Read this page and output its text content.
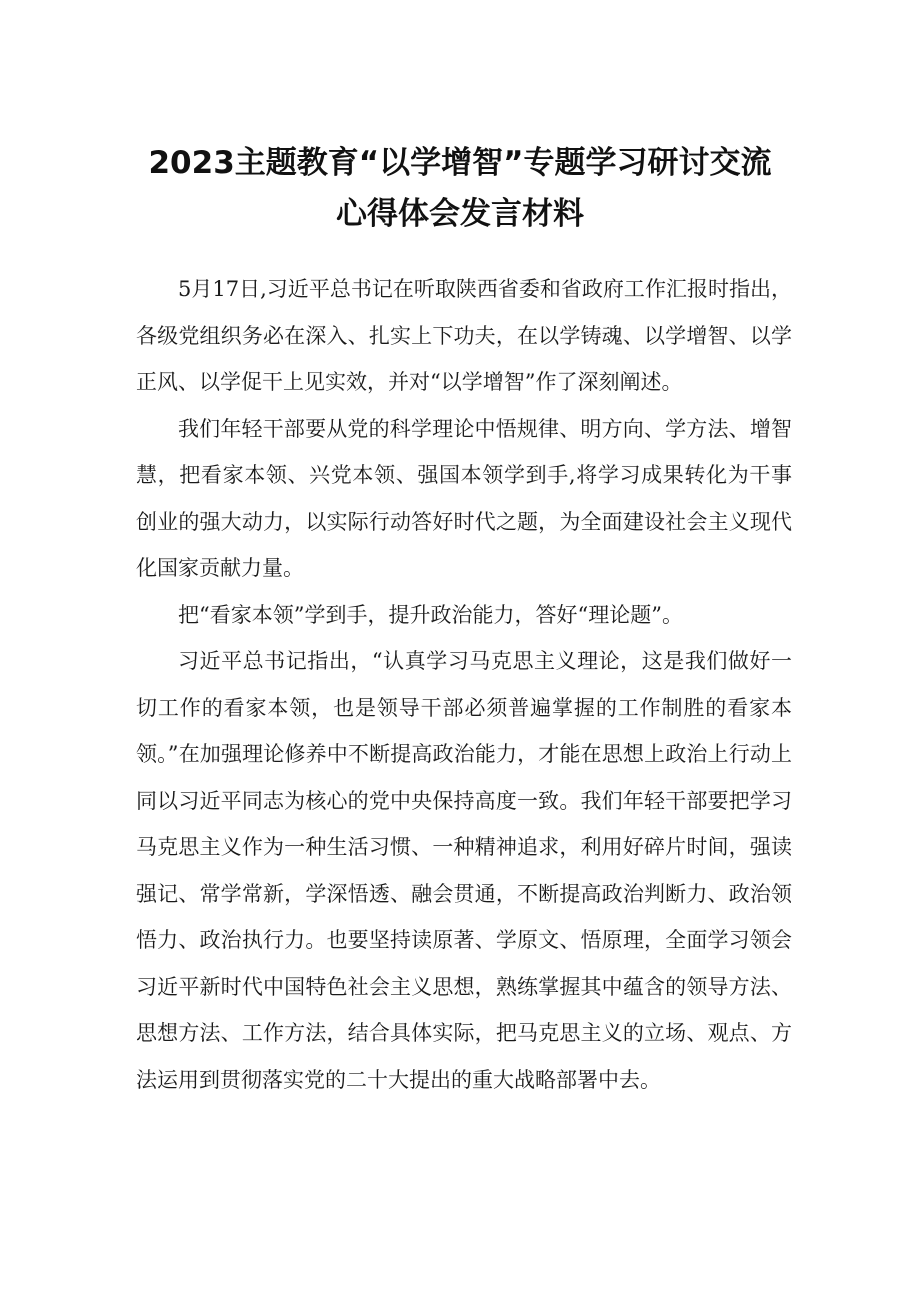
2023主题教育“以学增智”专题学习研讨交流
心得体会发言材料

5月17日,习近平总书记在听取陕西省委和省政府工作汇报时指出，各级党组织务必在深入、扎实上下功夫，在以学铸魂、以学增智、以学正风、以学促干上见实效，并对“以学增智”作了深刻阐述。

我们年轻干部要从党的科学理论中悟规律、明方向、学方法、增智慧，把看家本领、兴党本领、强国本领学到手,将学习成果转化为干事创业的强大动力，以实际行动答好时代之题，为全面建设社会主义现代化国家贡献力量。

把“看家本领”学到手，提升政治能力，答好“理论题”。

习近平总书记指出，“认真学习马克思主义理论，这是我们做好一切工作的看家本领，也是领导干部必须普遍掌握的工作制胜的看家本领。”在加强理论修养中不断提高政治能力，才能在思想上政治上行动上同以习近平同志为核心的党中央保持高度一致。我们年轻干部要把学习马克思主义作为一种生活习惯、一种精神追求，利用好碎片时间，强读强记、常学常新，学深悟透、融会贯通，不断提高政治判断力、政治领悟力、政治执行力。也要坚持读原著、学原文、悟原理，全面学习领会习近平新时代中国特色社会主义思想，熟练掌握其中蕴含的领导方法、思想方法、工作方法，结合具体实际，把马克思主义的立场、观点、方法运用到贯彻落实党的二十大提出的重大战略部署中去。
